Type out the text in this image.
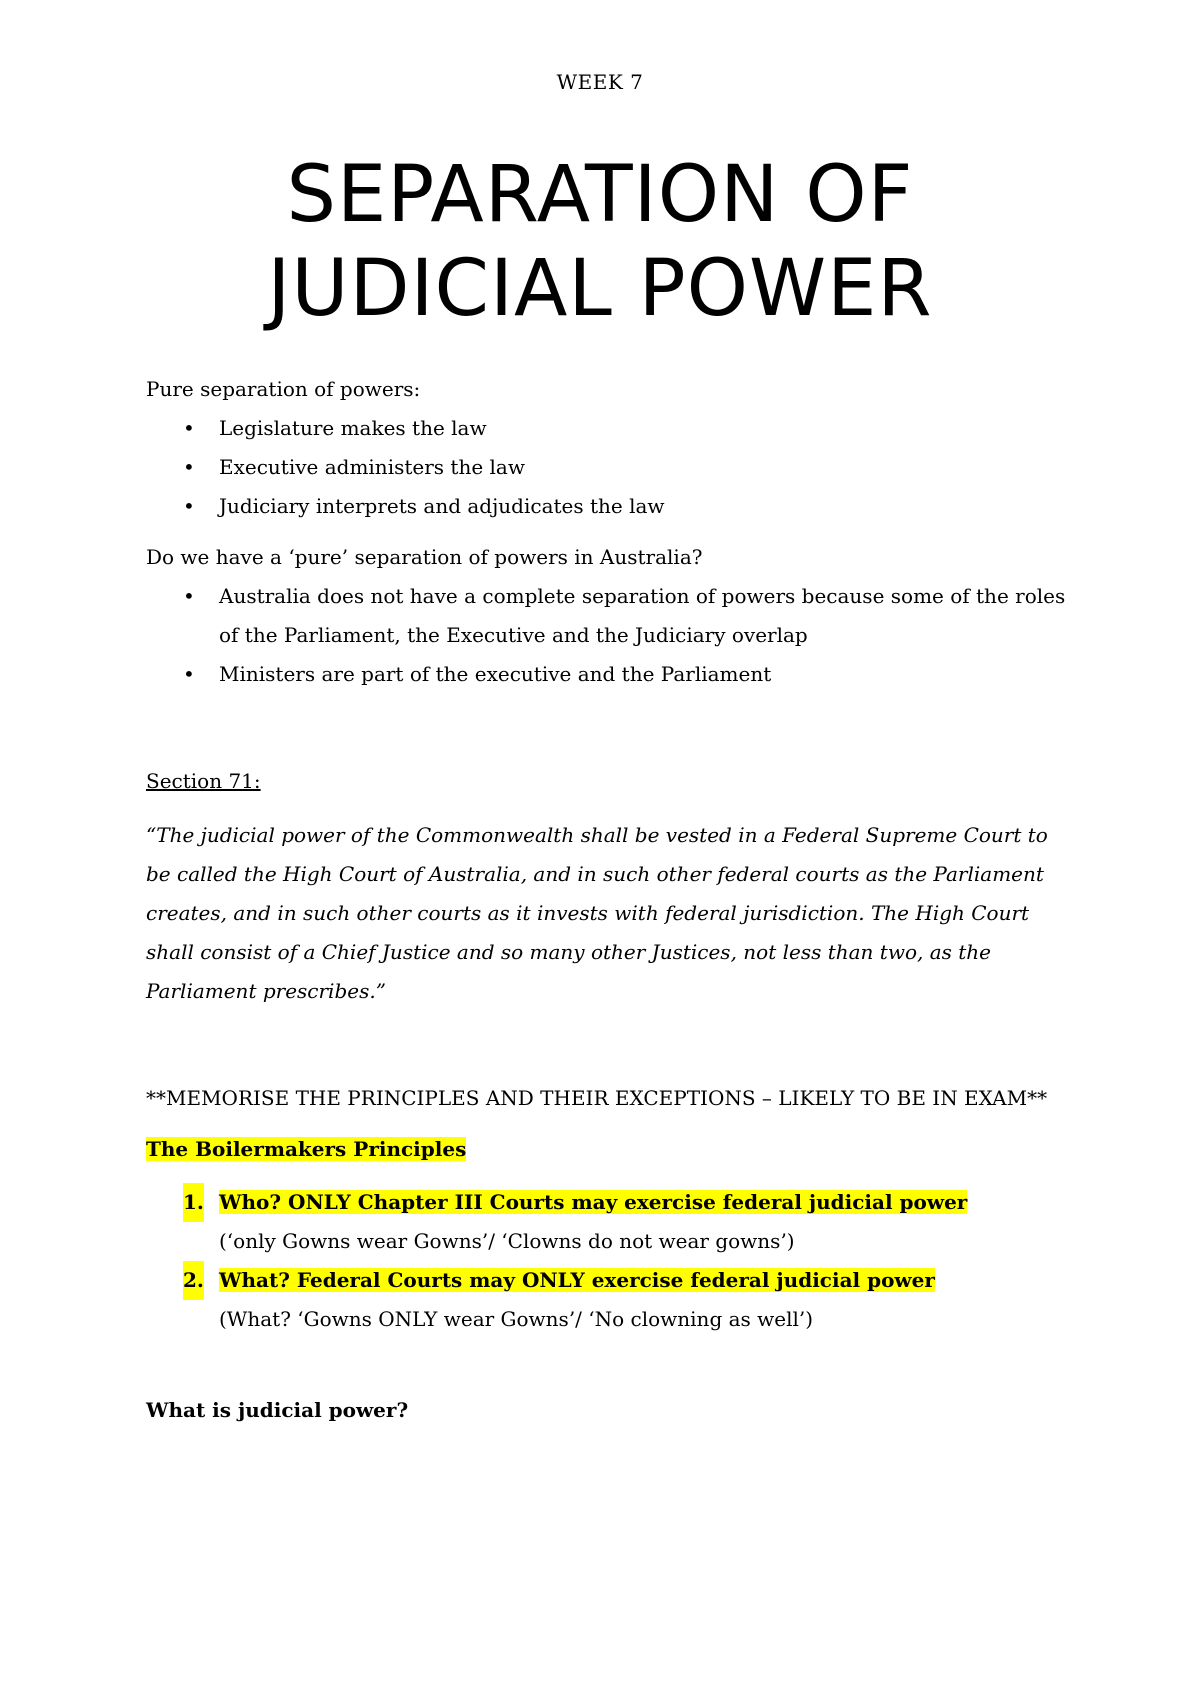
WEEK 7
SEPARATION OF
JUDICIAL POWER

Pure separation of powers:

• Legislature makes the law
• Executive administers the law
• Judiciary interprets and adjudicates the law

Do we have a ‘pure’ separation of powers in Australia?

• Australia does not have a complete separation of powers because some of the roles of the Parliament, the Executive and the Judiciary overlap
• Ministers are part of the executive and the Parliament

Section 71:

“The judicial power of the Commonwealth shall be vested in a Federal Supreme Court to be called the High Court of Australia, and in such other federal courts as the Parliament creates, and in such other courts as it invests with federal jurisdiction. The High Court shall consist of a Chief Justice and so many other Justices, not less than two, as the Parliament prescribes.”

**MEMORISE THE PRINCIPLES AND THEIR EXCEPTIONS – LIKELY TO BE IN EXAM**

The Boilermakers Principles

1. Who? ONLY Chapter III Courts may exercise federal judicial power
(‘only Gowns wear Gowns’/ ‘Clowns do not wear gowns’)
2. What? Federal Courts may ONLY exercise federal judicial power
(What? ‘Gowns ONLY wear Gowns’/ ‘No clowning as well’)

What is judicial power?
